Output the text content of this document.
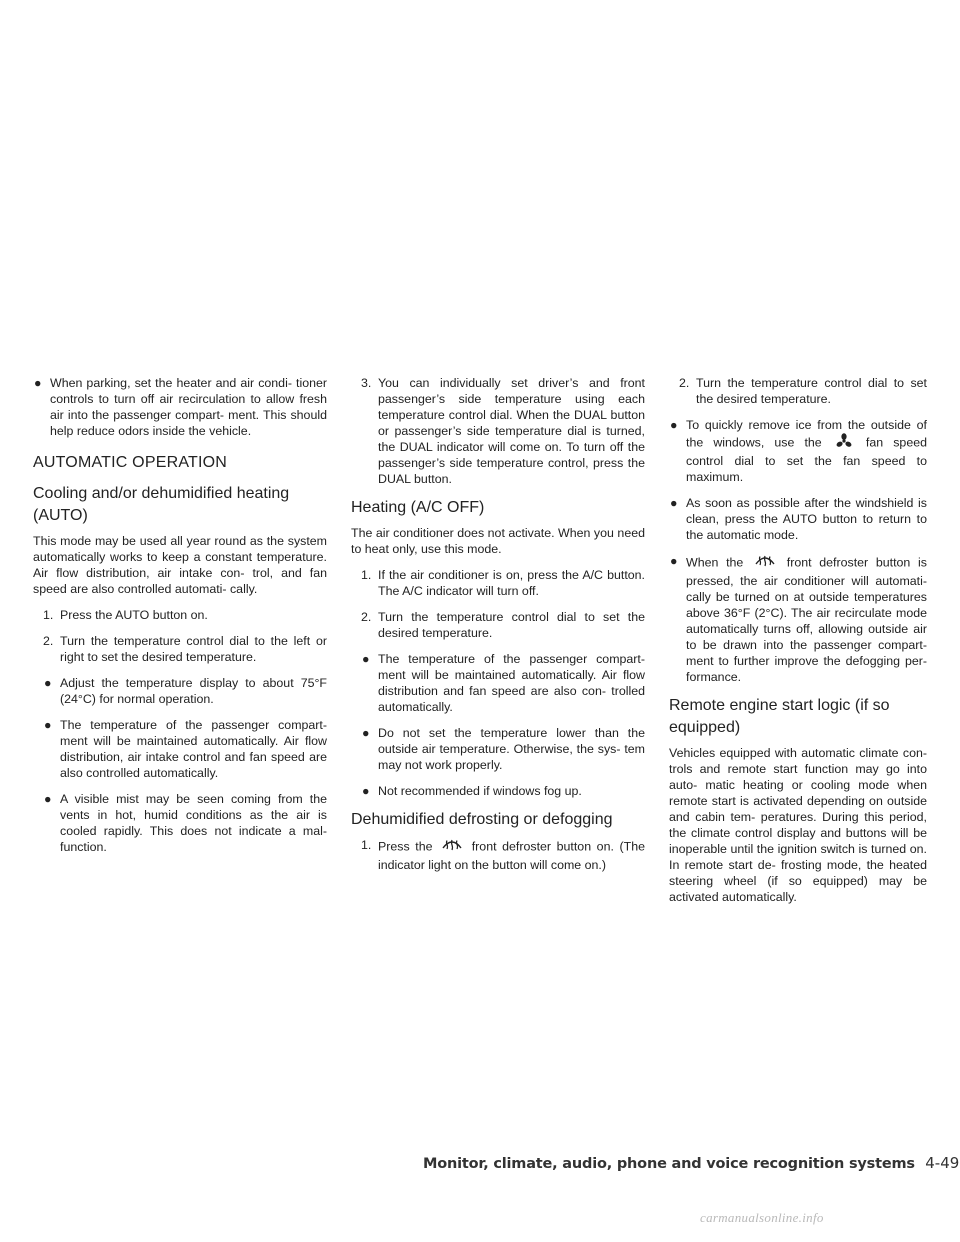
● When parking, set the heater and air condi- tioner controls to turn off air recirculation to allow fresh air into the passenger compart- ment. This should help reduce odors inside the vehicle.

AUTOMATIC OPERATION
Cooling and/or dehumidified heating (AUTO)

This mode may be used all year round as the system automatically works to keep a constant temperature. Air flow distribution, air intake con- trol, and fan speed are also controlled automati- cally.

1. Press the AUTO button on.

2. Turn the temperature control dial to the left or right to set the desired temperature.

● Adjust the temperature display to about 75°F (24°C) for normal operation.

● The temperature of the passenger compart- ment will be maintained automatically. Air flow distribution, air intake control and fan speed are also controlled automatically.

● A visible mist may be seen coming from the vents in hot, humid conditions as the air is cooled rapidly. This does not indicate a mal- function.

3. You can individually set driver’s and front passenger’s side temperature using each temperature control dial. When the DUAL button or passenger’s side temperature dial is turned, the DUAL indicator will come on. To turn off the passenger’s side temperature control, press the DUAL button.

Heating (A/C OFF)

The air conditioner does not activate. When you need to heat only, use this mode.

1. If the air conditioner is on, press the A/C button. The A/C indicator will turn off.

2. Turn the temperature control dial to set the desired temperature.

● The temperature of the passenger compart- ment will be maintained automatically. Air flow distribution and fan speed are also con- trolled automatically.

● Do not set the temperature lower than the outside air temperature. Otherwise, the sys- tem may not work properly.

● Not recommended if windows fog up.

Dehumidified defrosting or defogging
1. Press the	front defroster button on. (The indicator light on the button will come on.)

2. Turn the temperature control dial to set the desired temperature.

● To quickly remove ice from the outside of the windows, use the	fan speed control dial to set the fan speed to maximum.

● As soon as possible after the windshield is clean, press the AUTO button to return to the automatic mode.

● When the	front defroster button is pressed, the air conditioner will automati- cally be turned on at outside temperatures above 36°F (2°C). The air recirculate mode automatically turns off, allowing outside air to be drawn into the passenger compart- ment to further improve the defogging per- formance.

Remote engine start logic (if so equipped)

Vehicles equipped with automatic climate con- trols and remote start function may go into auto- matic heating or cooling mode when remote start is activated depending on outside and cabin tem- peratures. During this period, the climate control display and buttons will be inoperable until the ignition switch is turned on. In remote start de- frosting mode, the heated steering wheel (if so equipped) may be activated automatically.

Monitor, climate, audio, phone and voice recognition systems 4-49
carmanualsonline.info
